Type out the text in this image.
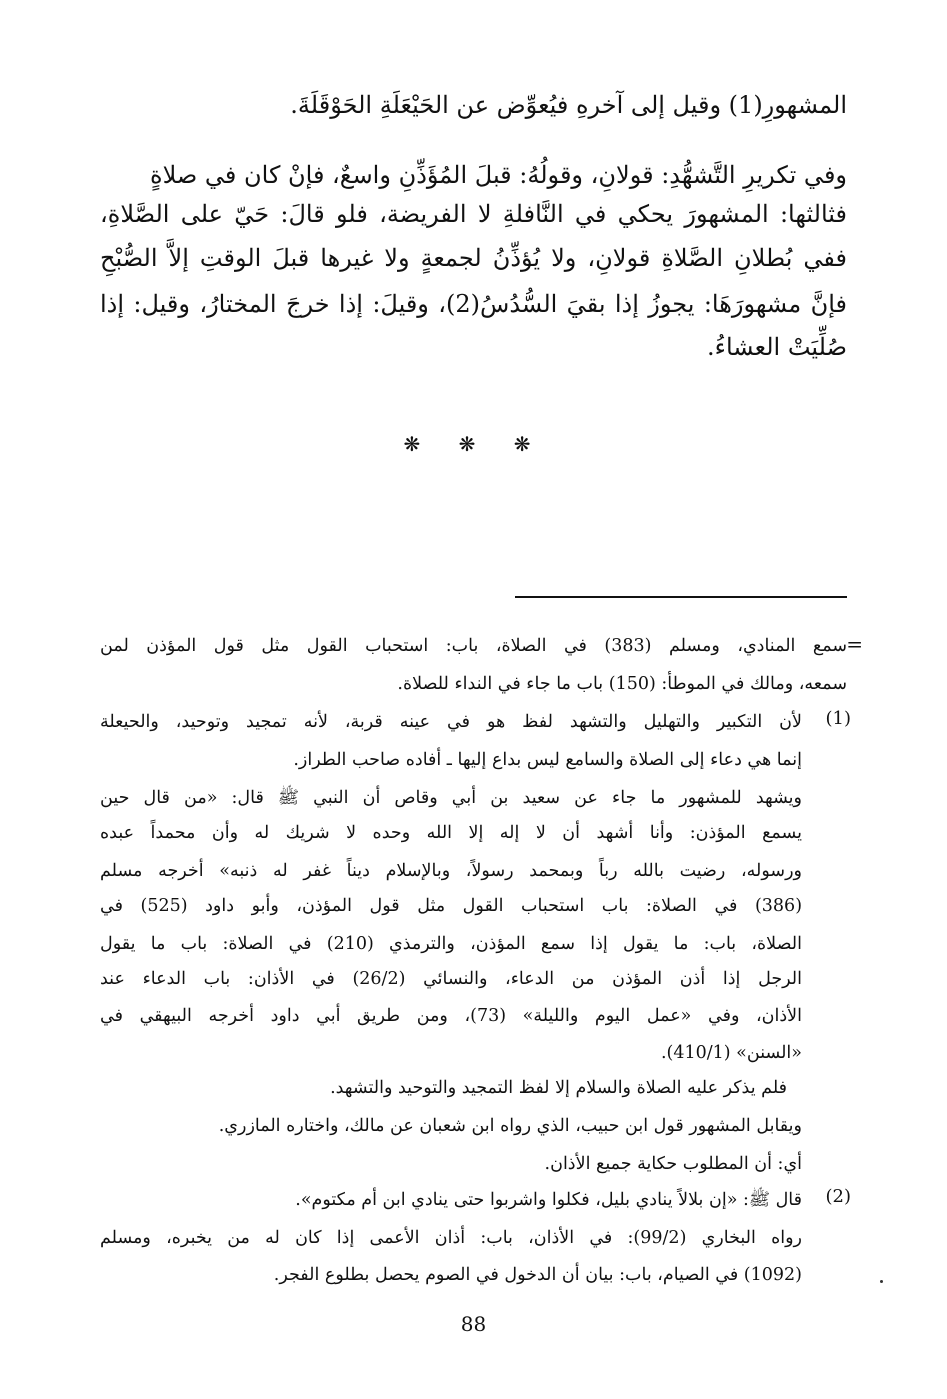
المشهورِ(1) وقيل إلى آخرهِ فيُعوِّض عن الحَيْعَلَةِ الحَوْقَلَةَ.
وفي تكريرِ التَّشهُّدِ: قولانِ، وقولُهُ: قبلَ المُؤَذِّنِ واسعٌ، فإنْ كان في صلاةٍ
فثالثها: المشهورَ يحكي في النَّافلةِ لا الفريضة، فلو قالَ: حَيّ على الصَّلاةِ،
ففي بُطلانِ الصَّلاةِ قولانِ، ولا يُؤذِّنُ لجمعةٍ ولا غيرها قبلَ الوقتِ إلاَّ الصُّبْحِ
فإنَّ مشهورَهَا: يجوزُ إذا بقيَ السُّدُسُ(2)، وقيلَ: إذا خرجَ المختارُ، وقيل: إذا
صُلِّيَتْ العشاءُ.
❋ ❋ ❋
=
سمع المنادي، ومسلم (383) في الصلاة، باب: استحباب القول مثل قول المؤذن لمن
سمعه، ومالك في الموطأ: (150) باب ما جاء في النداء للصلاة.
(1)
لأن التكبير والتهليل والتشهد لفظ هو في عينه قربة، لأنه تمجيد وتوحيد، والحيعلة
إنما هي دعاء إلى الصلاة والسامع ليس بداع إليها ـ أفاده صاحب الطراز.
ويشهد للمشهور ما جاء عن سعيد بن أبي وقاص أن النبي ﷺ قال: «من قال حين
يسمع المؤذن: وأنا أشهد أن لا إله إلا الله وحده لا شريك له وأن محمداً عبده
ورسوله، رضيت بالله رباً وبمحمد رسولاً، وبالإسلام ديناً غفر له ذنبه» أخرجه مسلم
(386) في الصلاة: باب استحباب القول مثل قول المؤذن، وأبو داود (525) في
الصلاة، باب: ما يقول إذا سمع المؤذن، والترمذي (210) في الصلاة: باب ما يقول
الرجل إذا أذن المؤذن من الدعاء، والنسائي (26/2) في الأذان: باب الدعاء عند
الأذان، وفي «عمل اليوم والليلة» (73)، ومن طريق أبي داود أخرجه البيهقي في
«السنن» (410/1).
فلم يذكر عليه الصلاة والسلام إلا لفظ التمجيد والتوحيد والتشهد.
ويقابل المشهور قول ابن حبيب، الذي رواه ابن شعبان عن مالك، واختاره المازري.
أي: أن المطلوب حكاية جميع الأذان.
(2)
قال ﷺ: «إن بلالاً ينادي بليل، فكلوا واشربوا حتى ينادي ابن أم مكتوم».
رواه البخاري (99/2): في الأذان، باب: أذان الأعمى إذا كان له من يخبره، ومسلم
(1092) في الصيام، باب: بيان أن الدخول في الصوم يحصل بطلوع الفجر.
88
